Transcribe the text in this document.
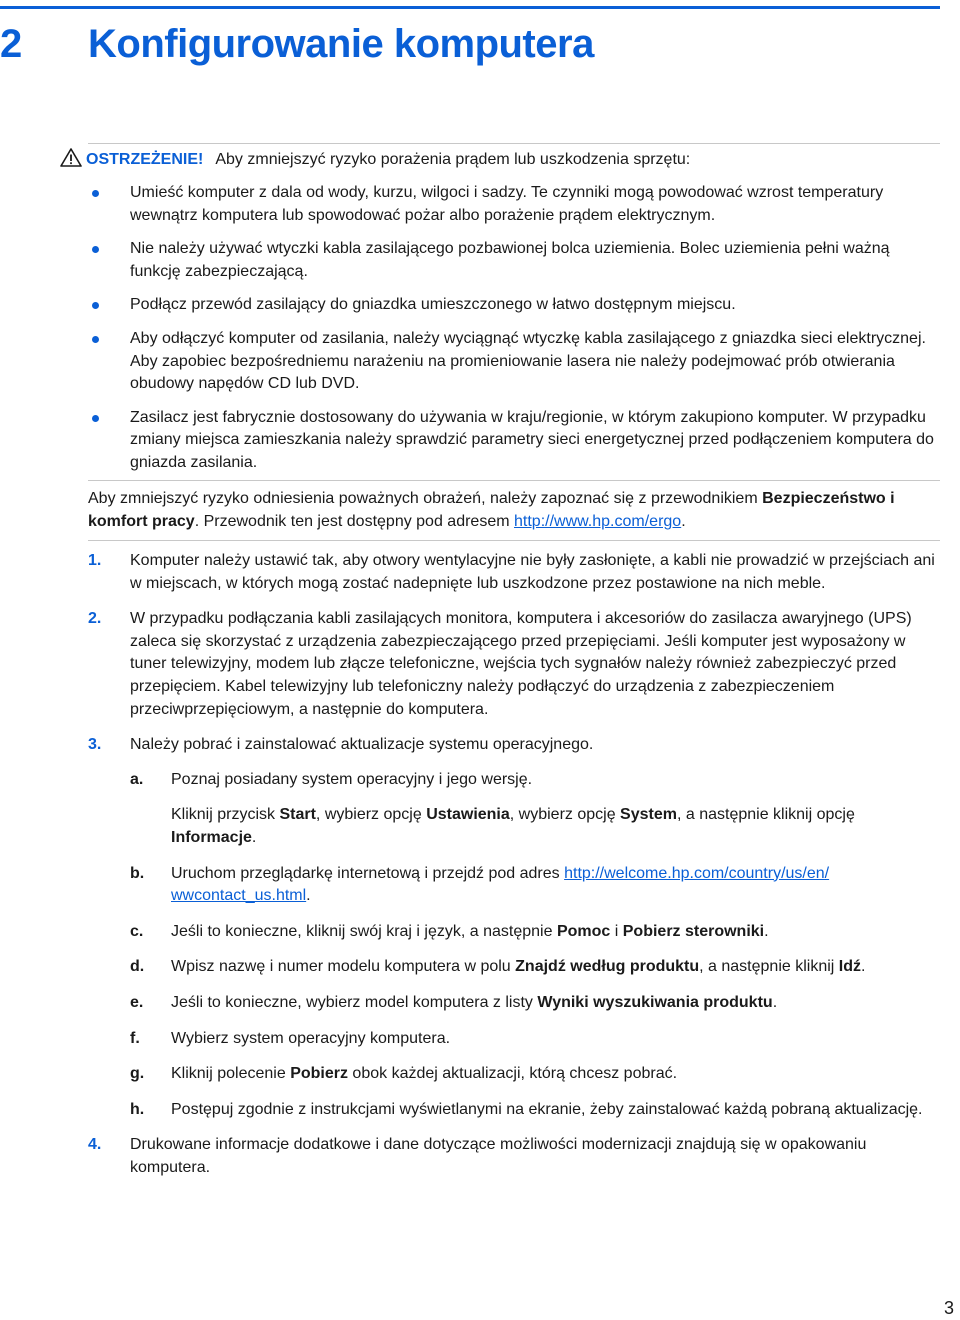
2 Konfigurowanie komputera
OSTRZEŻENIE! Aby zmniejszyć ryzyko porażenia prądem lub uszkodzenia sprzętu:
Umieść komputer z dala od wody, kurzu, wilgoci i sadzy. Te czynniki mogą powodować wzrost temperatury wewnątrz komputera lub spowodować pożar albo porażenie prądem elektrycznym.
Nie należy używać wtyczki kabla zasilającego pozbawionej bolca uziemienia. Bolec uziemienia pełni ważną funkcję zabezpieczającą.
Podłącz przewód zasilający do gniazdka umieszczonego w łatwo dostępnym miejscu.
Aby odłączyć komputer od zasilania, należy wyciągnąć wtyczkę kabla zasilającego z gniazdka sieci elektrycznej. Aby zapobiec bezpośredniemu narażeniu na promieniowanie lasera nie należy podejmować prób otwierania obudowy napędów CD lub DVD.
Zasilacz jest fabrycznie dostosowany do używania w kraju/regionie, w którym zakupiono komputer. W przypadku zmiany miejsca zamieszkania należy sprawdzić parametry sieci energetycznej przed podłączeniem komputera do gniazda zasilania.
Aby zmniejszyć ryzyko odniesienia poważnych obrażeń, należy zapoznać się z przewodnikiem Bezpieczeństwo i komfort pracy. Przewodnik ten jest dostępny pod adresem http://www.hp.com/ergo.
1. Komputer należy ustawić tak, aby otwory wentylacyjne nie były zasłonięte, a kabli nie prowadzić w przejściach ani w miejscach, w których mogą zostać nadepnięte lub uszkodzone przez postawione na nich meble.
2. W przypadku podłączania kabli zasilających monitora, komputera i akcesoriów do zasilacza awaryjnego (UPS) zaleca się skorzystać z urządzenia zabezpieczającego przed przepięciami. Jeśli komputer jest wyposażony w tuner telewizyjny, modem lub złącze telefoniczne, wejścia tych sygnałów należy również zabezpieczyć przed przepięciem. Kabel telewizyjny lub telefoniczny należy podłączyć do urządzenia z zabezpieczeniem przeciwprzepięciowym, a następnie do komputera.
3. Należy pobrać i zainstalować aktualizacje systemu operacyjnego.
a. Poznaj posiadany system operacyjny i jego wersję.

Kliknij przycisk Start, wybierz opcję Ustawienia, wybierz opcję System, a następnie kliknij opcję Informacje.

b. Uruchom przeglądarkę internetową i przejdź pod adres http://welcome.hp.com/country/us/en/
wwcontact_us.html.
c. Jeśli to konieczne, kliknij swój kraj i język, a następnie Pomoc i Pobierz sterowniki.
d. Wpisz nazwę i numer modelu komputera w polu Znajdź według produktu, a następnie kliknij Idź.
e. Jeśli to konieczne, wybierz model komputera z listy Wyniki wyszukiwania produktu.
f. Wybierz system operacyjny komputera.
g. Kliknij polecenie Pobierz obok każdej aktualizacji, którą chcesz pobrać.
h. Postępuj zgodnie z instrukcjami wyświetlanymi na ekranie, żeby zainstalować każdą pobraną aktualizację.
4. Drukowane informacje dodatkowe i dane dotyczące możliwości modernizacji znajdują się w opakowaniu komputera.
3
